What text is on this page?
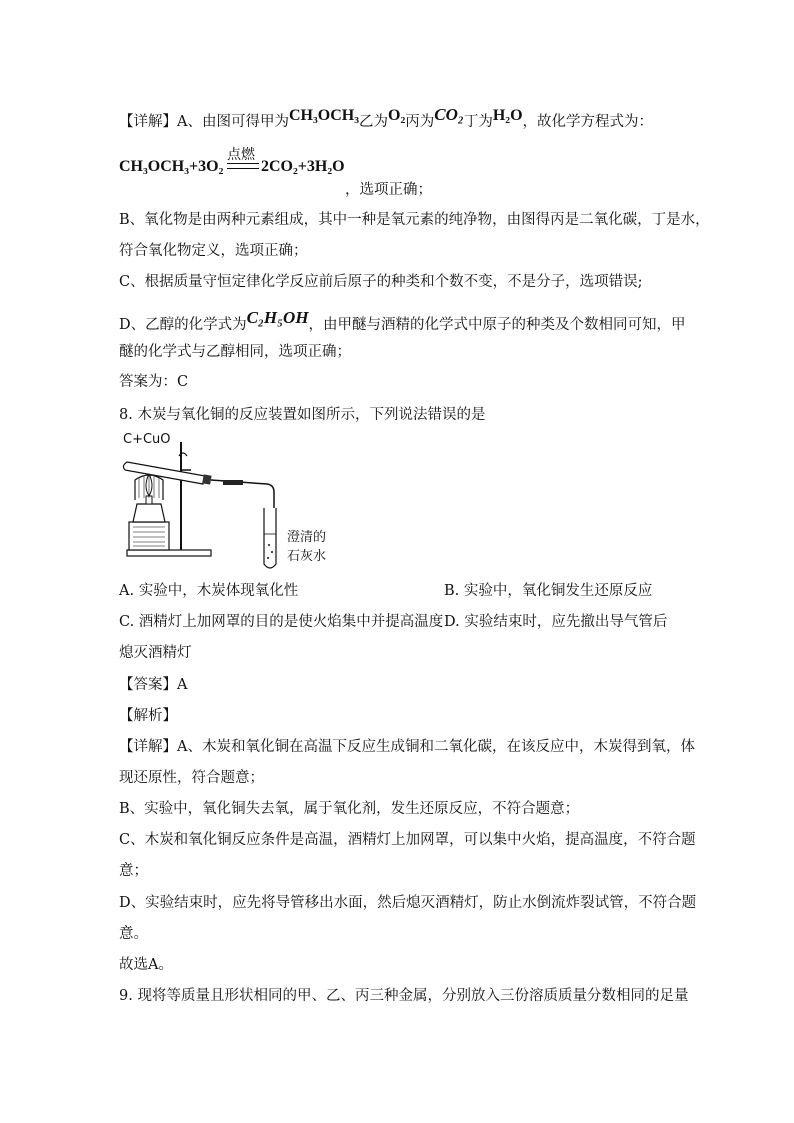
【详解】A、由图可得甲为CH₃OCH₃乙为O₂丙为CO₂丁为H₂O，故化学方程式为：
CH₃OCH₃+3O₂
点燃
2CO₂+3H₂O
，选项正确；
B、氧化物是由两种元素组成，其中一种是氧元素的纯净物，由图得丙是二氧化碳，丁是水，
符合氧化物定义，选项正确；
C、根据质量守恒定律化学反应前后原子的种类和个数不变，不是分子，选项错误;
D、乙醇的化学式为C₂H₅OH，由甲醚与酒精的化学式中原子的种类及个数相同可知，甲
醚的化学式与乙醇相同，选项正确；
答案为：C
8. 木炭与氧化铜的反应装置如图所示，下列说法错误的是
C+CuO
澄清的
石灰水
A. 实验中，木炭体现氧化性	B. 实验中，氧化铜发生还原反应
C. 酒精灯上加网罩的目的是使火焰集中并提高温度 D. 实验结束时，应先撤出导气管后
熄灭酒精灯
【答案】A
【解析】
【详解】A、木炭和氧化铜在高温下反应生成铜和二氧化碳，在该反应中，木炭得到氧，体
现还原性，符合题意；
B、实验中，氧化铜失去氧，属于氧化剂，发生还原反应，不符合题意；
C、木炭和氧化铜反应条件是高温，酒精灯上加网罩，可以集中火焰，提高温度，不符合题
意；
D、实验结束时，应先将导管移出水面，然后熄灭酒精灯，防止水倒流炸裂试管，不符合题
意。
故选A。
9. 现将等质量且形状相同的甲、乙、丙三种金属，分别放入三份溶质质量分数相同的足量
